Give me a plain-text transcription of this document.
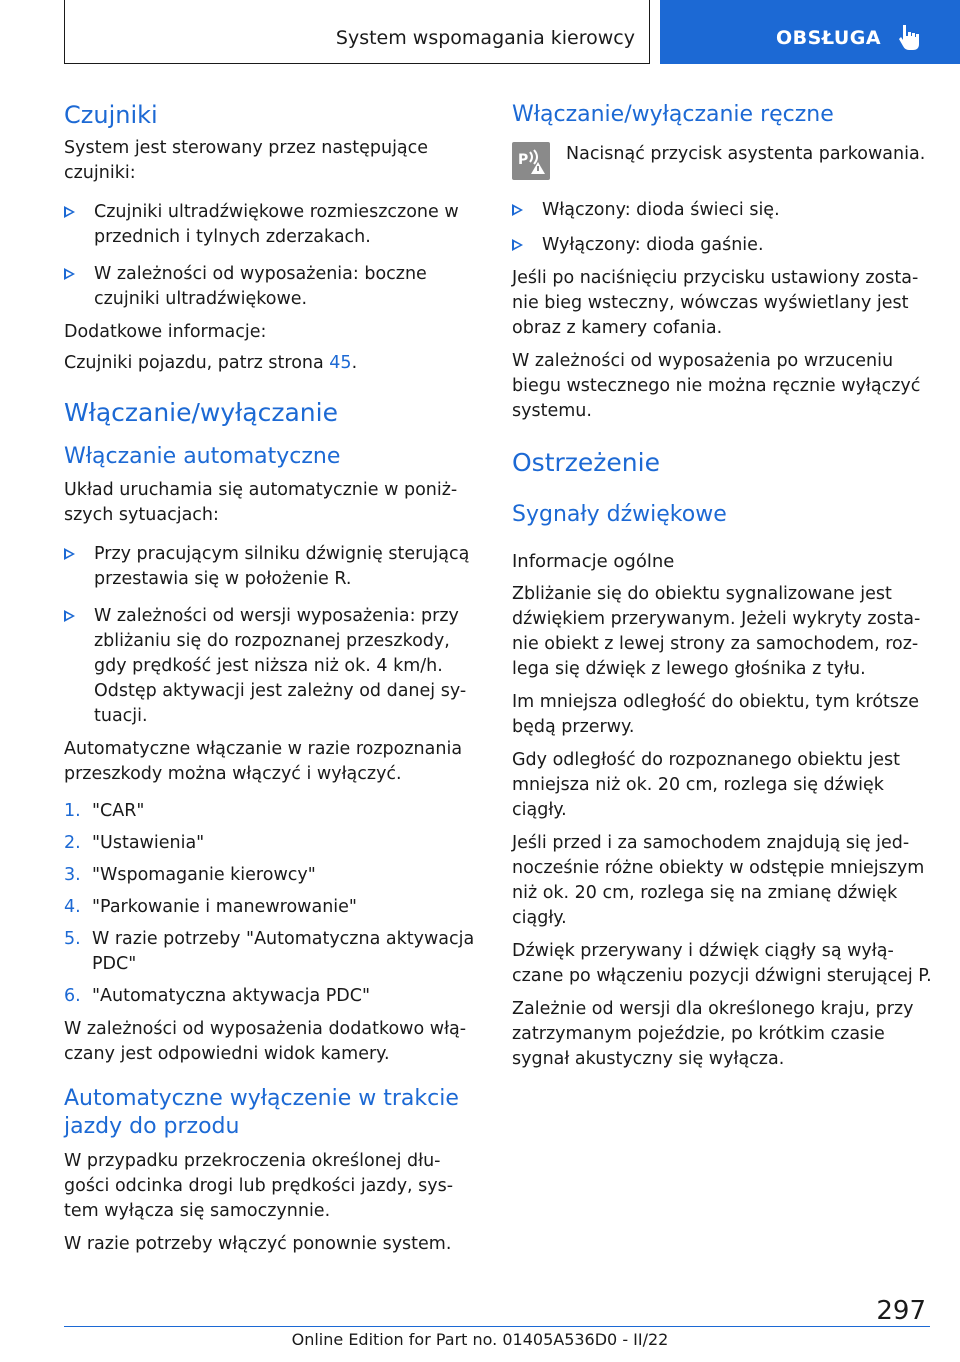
System wspomagania kierowcy	OBSŁUGA
Czujniki

System jest sterowany przez następujące czujniki:

Czujniki ultradźwiękowe rozmieszczone w przednich i tylnych zderzakach.
W zależności od wyposażenia: boczne czujniki ultradźwiękowe.

Dodatkowe informacje:

Czujniki pojazdu, patrz strona 45.

Włączanie/wyłączanie
Włączanie automatyczne

Układ uruchamia się automatycznie w poniż- szych sytuacjach:

Przy pracującym silniku dźwignię sterującą przestawia się w położenie R.
W zależności od wersji wyposażenia: przy zbliżaniu się do rozpoznanej przeszkody, gdy prędkość jest niższa niż ok. 4 km/h. Odstęp aktywacji jest zależny od danej sy- tuacji.

Automatyczne włączanie w razie rozpoznania przeszkody można włączyć i wyłączyć.

1. "CAR"
2. "Ustawienia"
3. "Wspomaganie kierowcy"
4. "Parkowanie i manewrowanie"
5. W razie potrzeby "Automatyczna aktywacja PDC"
6. "Automatyczna aktywacja PDC"

W zależności od wyposażenia dodatkowo włą- czany jest odpowiedni widok kamery.

Automatyczne wyłączenie w trakcie jazdy do przodu

W przypadku przekroczenia określonej dłu- gości odcinka drogi lub prędkości jazdy, sys- tem wyłącza się samoczynnie.

W razie potrzeby włączyć ponownie system.

Włączanie/wyłączanie ręczne
P Nacisnąć przycisk asystenta parkowania.

Włączony: dioda świeci się.
Wyłączony: dioda gaśnie.

Jeśli po naciśnięciu przycisku ustawiony zosta- nie bieg wsteczny, wówczas wyświetlany jest obraz z kamery cofania.

W zależności od wyposażenia po wrzuceniu biegu wstecznego nie można ręcznie wyłączyć systemu.

Ostrzeżenie
Sygnały dźwiękowe
Informacje ogólne

Zbliżanie się do obiektu sygnalizowane jest dźwiękiem przerywanym. Jeżeli wykryty zosta- nie obiekt z lewej strony za samochodem, roz- lega się dźwięk z lewego głośnika z tyłu.

Im mniejsza odległość do obiektu, tym krótsze będą przerwy.

Gdy odległość do rozpoznanego obiektu jest mniejsza niż ok. 20 cm, rozlega się dźwięk ciągły.

Jeśli przed i za samochodem znajdują się jed- nocześnie różne obiekty w odstępie mniejszym niż ok. 20 cm, rozlega się na zmianę dźwięk ciągły.

Dźwięk przerywany i dźwięk ciągły są wyłą- czane po włączeniu pozycji dźwigni sterującej P.

Zależnie od wersji dla określonego kraju, przy zatrzymanym pojeździe, po krótkim czasie sygnał akustyczny się wyłącza.

297
Online Edition for Part no. 01405A536D0 - II/22
